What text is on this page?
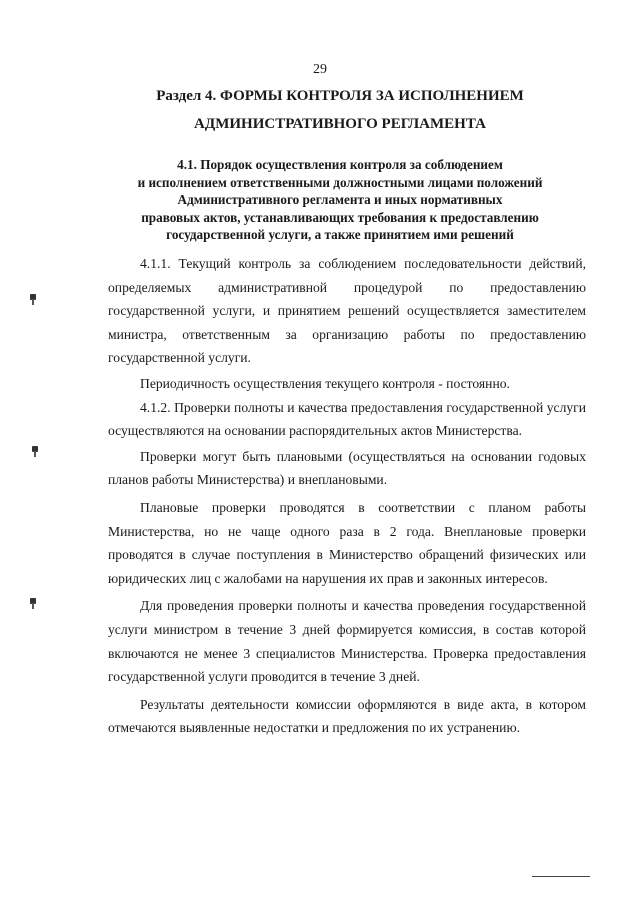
29
Раздел 4. ФОРМЫ КОНТРОЛЯ ЗА ИСПОЛНЕНИЕМ
АДМИНИСТРАТИВНОГО РЕГЛАМЕНТА
4.1. Порядок осуществления контроля за соблюдением
и исполнением ответственными должностными лицами положений
Административного регламента и иных нормативных
правовых актов, устанавливающих требования к предоставлению
государственной услуги, а также принятием ими решений

4.1.1. Текущий контроль за соблюдением последовательности действий, определяемых административной процедурой по предоставлению государственной услуги, и принятием решений осуществляется заместителем министра, ответственным за организацию работы по предоставлению государственной услуги.

Периодичность осуществления текущего контроля - постоянно.

4.1.2. Проверки полноты и качества предоставления государственной услуги осуществляются на основании распорядительных актов Министерства.

Проверки могут быть плановыми (осуществляться на основании годовых планов работы Министерства) и внеплановыми.

Плановые проверки проводятся в соответствии с планом работы Министерства, но не чаще одного раза в 2 года. Внеплановые проверки проводятся в случае поступления в Министерство обращений физических или юридических лиц с жалобами на нарушения их прав и законных интересов.

Для проведения проверки полноты и качества проведения государственной услуги министром в течение 3 дней формируется комиссия, в состав которой включаются не менее 3 специалистов Министерства. Проверка предоставления государственной услуги проводится в течение 3 дней.

Результаты деятельности комиссии оформляются в виде акта, в котором отмечаются выявленные недостатки и предложения по их устранению.
